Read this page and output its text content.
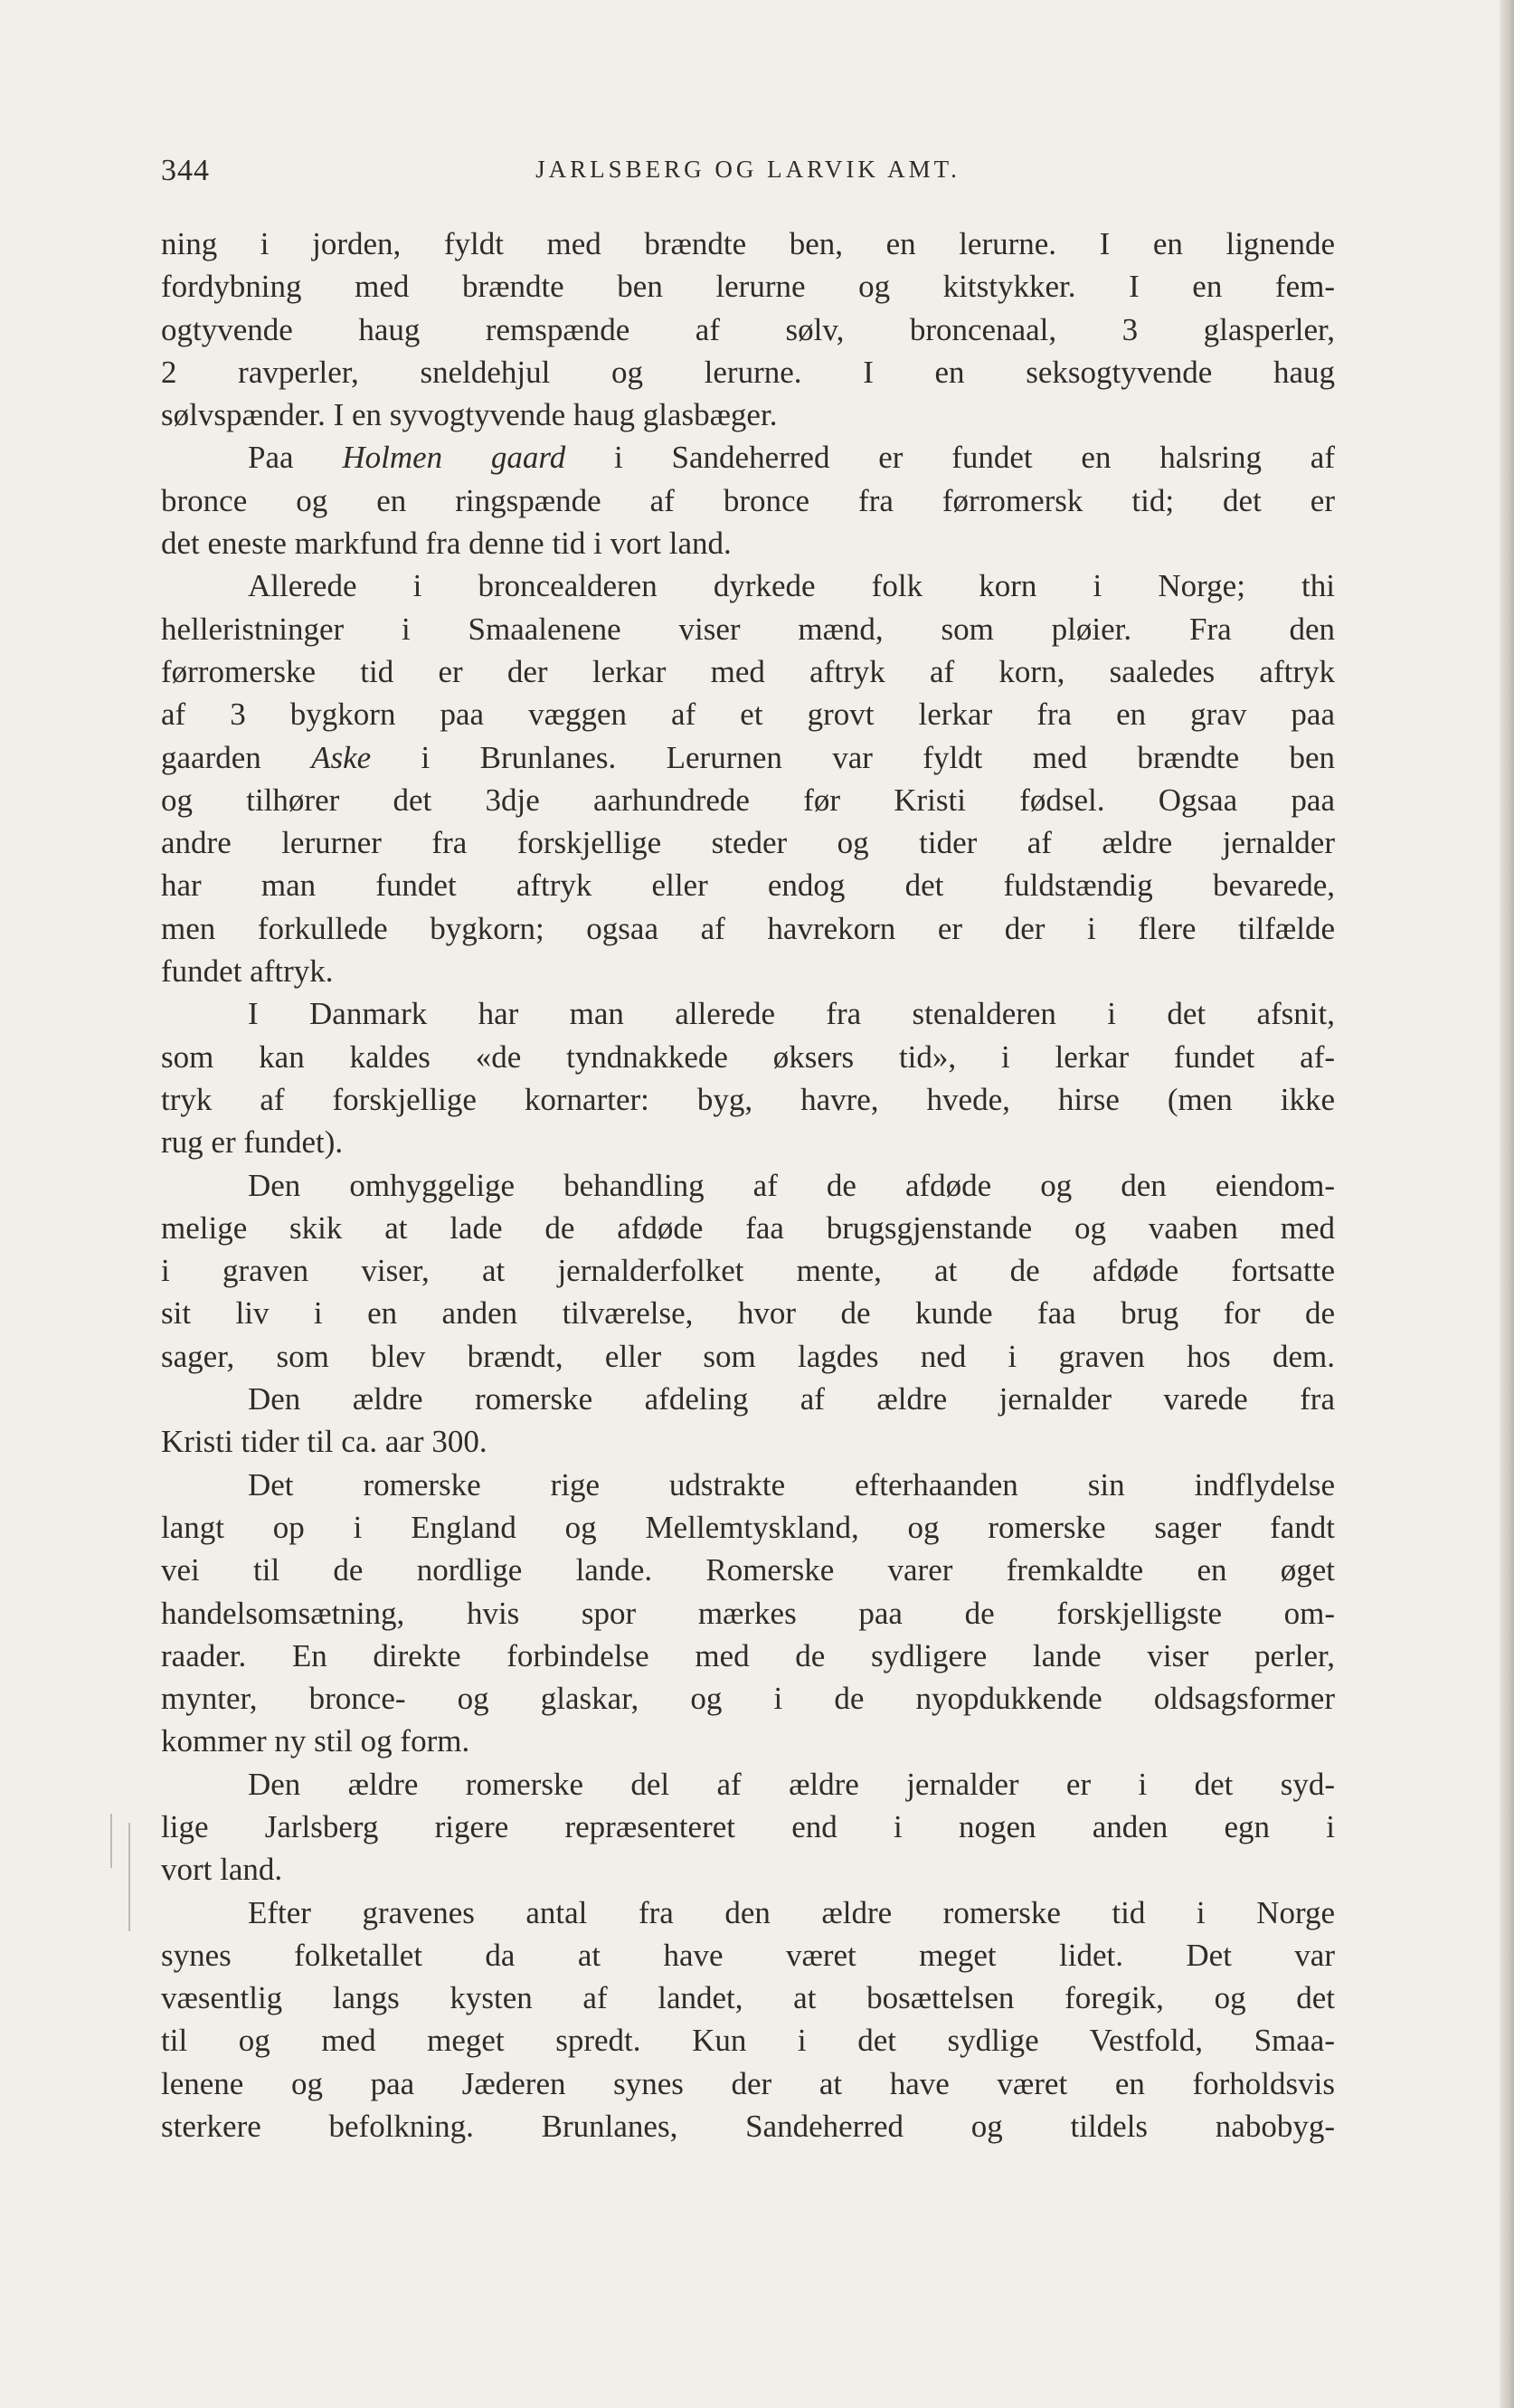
344	JARLSBERG OG LARVIK AMT.
ning i jorden, fyldt med brændte ben, en lerurne. I en lignende
fordybning med brændte ben lerurne og kitstykker. I en fem-
ogtyvende haug remspænde af sølv, broncenaal, 3 glasperler,
2 ravperler, sneldehjul og lerurne. I en seksogtyvende haug
sølvspænder. I en syvogtyvende haug glasbæger.
Paa Holmen gaard i Sandeherred er fundet en halsring af
bronce og en ringspænde af bronce fra førromersk tid; det er
det eneste markfund fra denne tid i vort land.
Allerede i broncealderen dyrkede folk korn i Norge; thi
helleristninger i Smaalenene viser mænd, som pløier. Fra den
førromerske tid er der lerkar med aftryk af korn, saaledes aftryk
af 3 bygkorn paa væggen af et grovt lerkar fra en grav paa
gaarden Aske i Brunlanes. Lerurnen var fyldt med brændte ben
og tilhører det 3dje aarhundrede før Kristi fødsel. Ogsaa paa
andre lerurner fra forskjellige steder og tider af ældre jernalder
har man fundet aftryk eller endog det fuldstændig bevarede,
men forkullede bygkorn; ogsaa af havrekorn er der i flere tilfælde
fundet aftryk.
I Danmark har man allerede fra stenalderen i det afsnit,
som kan kaldes «de tyndnakkede øksers tid», i lerkar fundet af-
tryk af forskjellige kornarter: byg, havre, hvede, hirse (men ikke
rug er fundet).
Den omhyggelige behandling af de afdøde og den eiendom-
melige skik at lade de afdøde faa brugsgjenstande og vaaben med
i graven viser, at jernalderfolket mente, at de afdøde fortsatte
sit liv i en anden tilværelse, hvor de kunde faa brug for de
sager, som blev brændt, eller som lagdes ned i graven hos dem.
Den ældre romerske afdeling af ældre jernalder varede fra
Kristi tider til ca. aar 300.
Det romerske rige udstrakte efterhaanden sin indflydelse
langt op i England og Mellemtyskland, og romerske sager fandt
vei til de nordlige lande. Romerske varer fremkaldte en øget
handelsomsætning, hvis spor mærkes paa de forskjelligste om-
raader. En direkte forbindelse med de sydligere lande viser perler,
mynter, bronce- og glaskar, og i de nyopdukkende oldsagsformer
kommer ny stil og form.
Den ældre romerske del af ældre jernalder er i det syd-
lige Jarlsberg rigere repræsenteret end i nogen anden egn i
vort land.
Efter gravenes antal fra den ældre romerske tid i Norge
synes folketallet da at have været meget lidet. Det var
væsentlig langs kysten af landet, at bosættelsen foregik, og det
til og med meget spredt. Kun i det sydlige Vestfold, Smaa-
lenene og paa Jæderen synes der at have været en forholdsvis
sterkere befolkning. Brunlanes, Sandeherred og tildels nabobyg-
